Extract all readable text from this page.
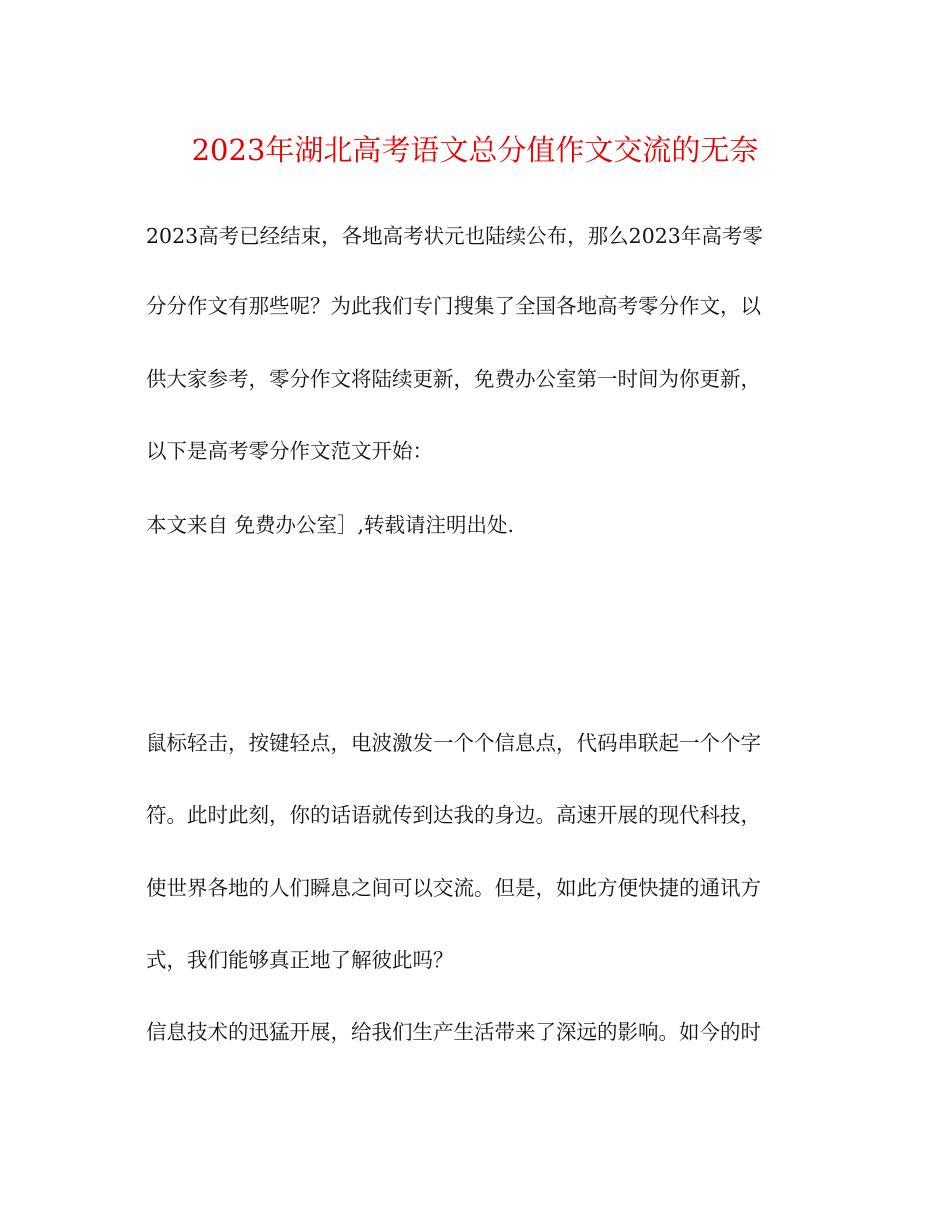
2023年湖北高考语文总分值作文交流的无奈
2023高考已经结束，各地高考状元也陆续公布，那么2023年高考零
分分作文有那些呢？为此我们专门搜集了全国各地高考零分作文，以
供大家参考，零分作文将陆续更新，免费办公室第一时间为你更新，
以下是高考零分作文范文开始：
本文来自 免费办公室］,转载请注明出处.
鼠标轻击，按键轻点，电波激发一个个信息点，代码串联起一个个字
符。此时此刻，你的话语就传到达我的身边。高速开展的现代科技，
使世界各地的人们瞬息之间可以交流。但是，如此方便快捷的通讯方
式，我们能够真正地了解彼此吗？
信息技术的迅猛开展，给我们生产生活带来了深远的影响。如今的时
